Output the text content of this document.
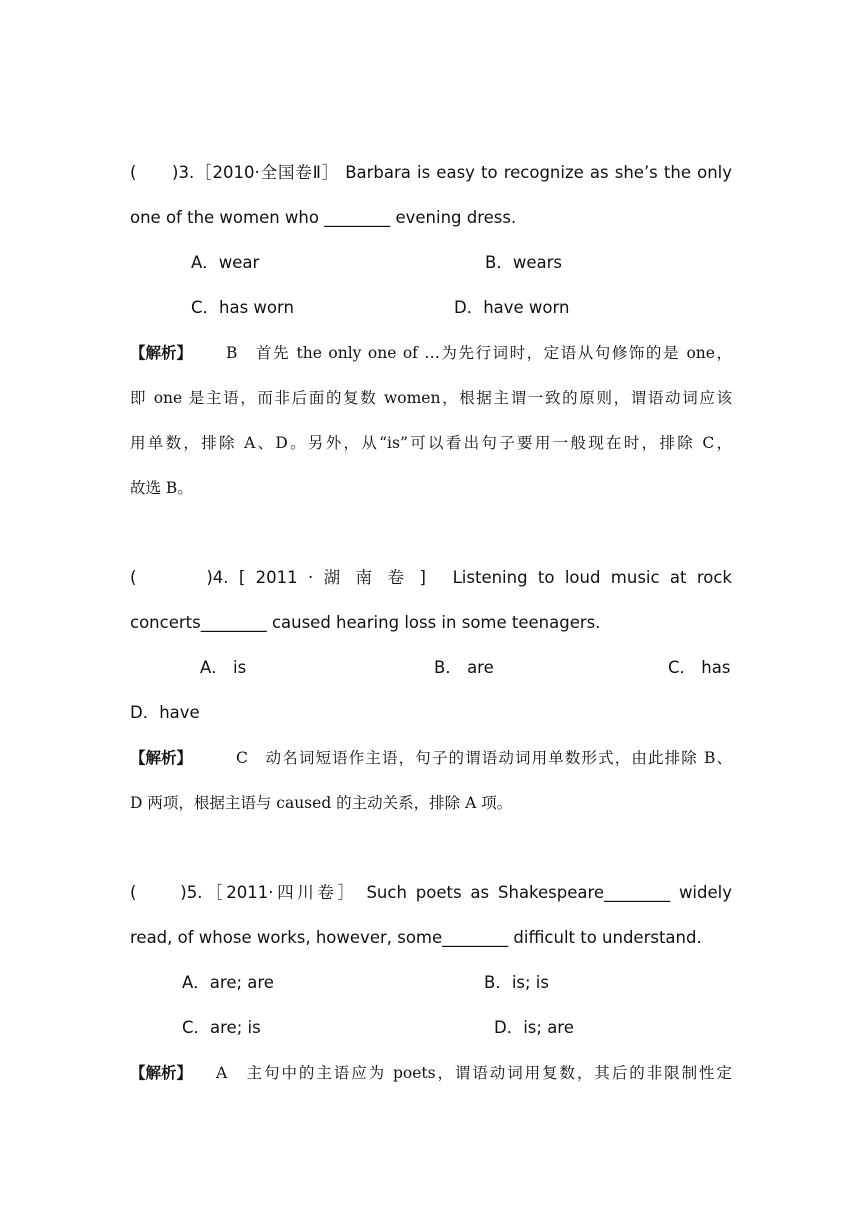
(　　)3.［2010·全国卷Ⅱ］ Barbara is easy to recognize as she’s the only
one of the women who ________ evening dress.
A．wear	B．wears
C．has worn	D．have worn
【解析】	B　首先 the only one of …为先行词时，定语从句修饰的是 one，
即 one 是主语，而非后面的复数 women，根据主谓一致的原则，谓语动词应该
用单数，排除 A、D。另外，从“is”可以看出句子要用一般现在时，排除 C，
故选 B。
(　　　)4. [ 2011 · 湖 南 卷 ]　Listening to loud music at rock
concerts________ caused hearing loss in some teenagers.
A． is	B． are	C． has
D．have
【解析】	C　动名词短语作主语，句子的谓语动词用单数形式，由此排除 B、
D 两项，根据主语与 caused 的主动关系，排除 A 项。
(　　)5.［2011·四川卷］ Such poets as Shakespeare________ widely
read, of whose works, however, some________ difficult to understand.
A．are; are	B．is; is
C．are; is	D．is; are
【解析】	A　主句中的主语应为 poets，谓语动词用复数，其后的非限制性定
